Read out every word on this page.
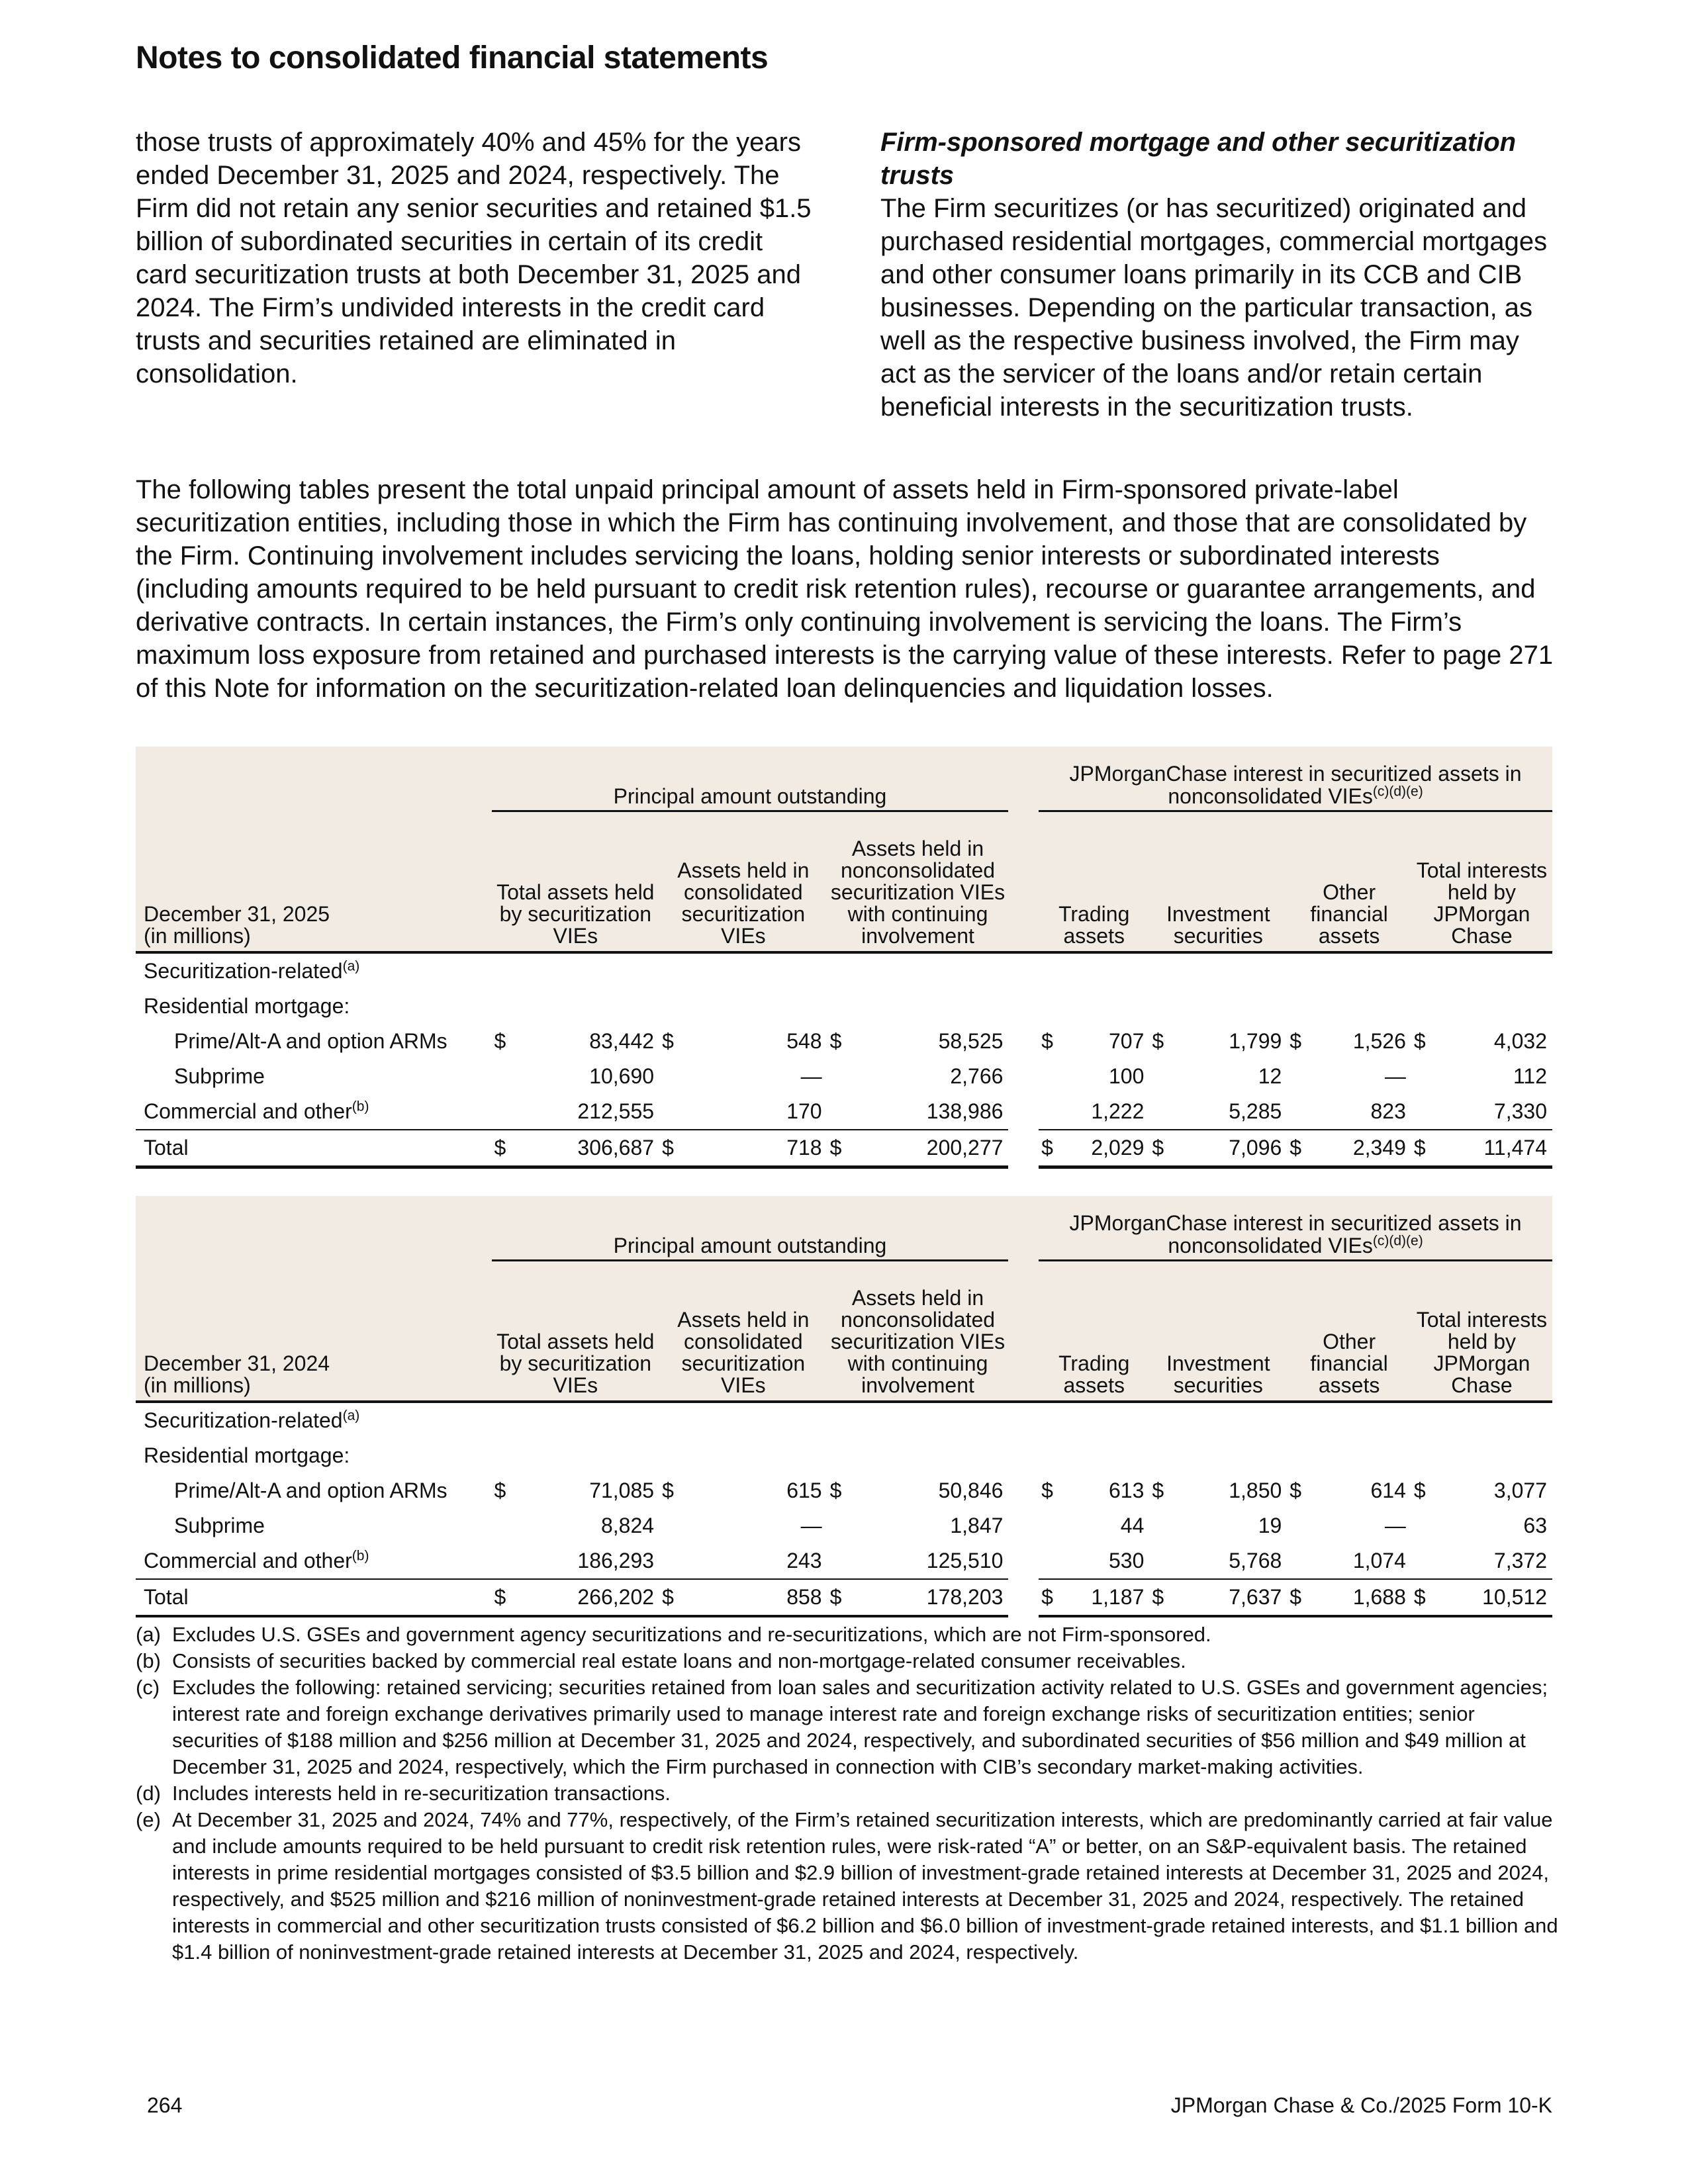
Notes to consolidated financial statements

those trusts of approximately 40% and 45% for the years ended December 31, 2025 and 2024, respectively. The Firm did not retain any senior securities and retained $1.5 billion of subordinated securities in certain of its credit card securitization trusts at both December 31, 2025 and 2024. The Firm’s undivided interests in the credit card trusts and securities retained are eliminated in consolidation.

Firm-sponsored mortgage and other securitization trusts

The Firm securitizes (or has securitized) originated and purchased residential mortgages, commercial mortgages and other consumer loans primarily in its CCB and CIB businesses. Depending on the particular transaction, as well as the respective business involved, the Firm may act as the servicer of the loans and/or retain certain beneficial interests in the securitization trusts.

The following tables present the total unpaid principal amount of assets held in Firm-sponsored private-label securitization entities, including those in which the Firm has continuing involvement, and those that are consolidated by the Firm. Continuing involvement includes servicing the loans, holding senior interests or subordinated interests (including amounts required to be held pursuant to credit risk retention rules), recourse or guarantee arrangements, and derivative contracts. In certain instances, the Firm’s only continuing involvement is servicing the loans. The Firm’s maximum loss exposure from retained and purchased interests is the carrying value of these interests. Refer to page 271 of this Note for information on the securitization-related loan delinquencies and liquidation losses.
	Principal amount outstanding							JPMorganChase interest in securitized assets in nonconsolidated VIEs$^{(c)(d)(e)}$
December 31, 2025
(in millions)	Total assets held by securitization VIEs		Assets held in consolidated securitization VIEs		Assets held in nonconsolidated securitization VIEs with continuing involvement			Trading assets		Investment securities		Other financial assets		Total interests held by JPMorgan Chase	
Securitization-related$^{(a)}$
Residential mortgage:															
Prime/Alt-A and option ARMs	$	83,442	$	548	$	58,525		$	707	$	1,799	$	1,526	$	4,032
Subprime		10,690		—		2,766			100		12		—		112
Commercial and other$^{(b)}$		212,555		170		138,986			1,222		5,285		823		7,330
Total	$	306,687	$	718	$	200,277		$	2,029	$	7,096	$	2,349	$	11,474
	Principal amount outstanding							JPMorganChase interest in securitized assets in nonconsolidated VIEs$^{(c)(d)(e)}$
December 31, 2024
(in millions)	Total assets held by securitization VIEs		Assets held in consolidated securitization VIEs		Assets held in nonconsolidated securitization VIEs with continuing involvement			Trading assets		Investment securities		Other financial assets		Total interests held by JPMorgan Chase	
Securitization-related$^{(a)}$
Residential mortgage:															
Prime/Alt-A and option ARMs	$	71,085	$	615	$	50,846		$	613	$	1,850	$	614	$	3,077
Subprime		8,824		—		1,847			44		19		—		63
Commercial and other$^{(b)}$		186,293		243		125,510			530		5,768		1,074		7,372
Total	$	266,202	$	858	$	178,203		$	1,187	$	7,637	$	1,688	$	10,512
(a) Excludes U.S. GSEs and government agency securitizations and re-securitizations, which are not Firm-sponsored.
(b) Consists of securities backed by commercial real estate loans and non-mortgage-related consumer receivables.
(c) Excludes the following: retained servicing; securities retained from loan sales and securitization activity related to U.S. GSEs and government agencies; interest rate and foreign exchange derivatives primarily used to manage interest rate and foreign exchange risks of securitization entities; senior securities of $188 million and $256 million at December 31, 2025 and 2024, respectively, and subordinated securities of $56 million and $49 million at December 31, 2025 and 2024, respectively, which the Firm purchased in connection with CIB’s secondary market-making activities.
(d) Includes interests held in re-securitization transactions.
(e) At December 31, 2025 and 2024, 74% and 77%, respectively, of the Firm’s retained securitization interests, which are predominantly carried at fair value and include amounts required to be held pursuant to credit risk retention rules, were risk-rated “A” or better, on an S&P-equivalent basis. The retained interests in prime residential mortgages consisted of $3.5 billion and $2.9 billion of investment-grade retained interests at December 31, 2025 and 2024, respectively, and $525 million and $216 million of noninvestment-grade retained interests at December 31, 2025 and 2024, respectively. The retained interests in commercial and other securitization trusts consisted of $6.2 billion and $6.0 billion of investment-grade retained interests, and $1.1 billion and $1.4 billion of noninvestment-grade retained interests at December 31, 2025 and 2024, respectively.
264	JPMorgan Chase & Co./2025 Form 10-K
